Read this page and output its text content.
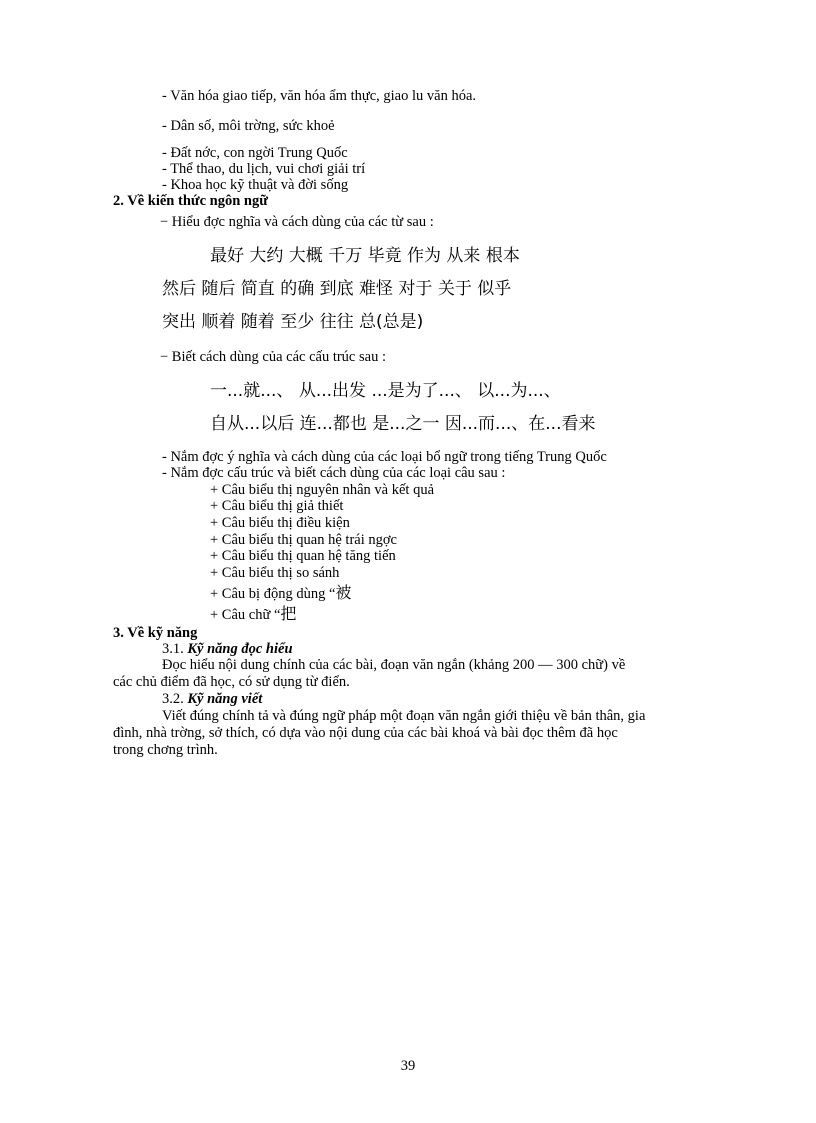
- Văn hóa giao tiếp, văn hóa ẩm thực, giao lu văn hóa.
- Dân số, môi trờng, sức khoẻ
- Đất nớc, con ngời Trung Quốc
- Thể thao, du lịch, vui chơi giải trí
- Khoa học kỹ thuật và đời sống
2. Về kiến thức ngôn ngữ
− Hiểu đợc nghĩa và cách dùng của các từ sau :
最好 大约 大概 千万 毕竟 作为 从来 根本
然后 随后 简直 的确 到底 难怪 对于 关于 似乎
突出 顺着 随着 至少 往往 总(总是)
− Biết cách dùng của các cấu trúc sau :
一...就...、 从...出发 ...是为了...、 以...为...、
自从...以后 连...都也 是...之一 因...而...、在...看来
- Nắm đợc ý nghĩa và cách dùng của các loại bổ ngữ trong tiếng Trung Quốc
- Nắm đợc cấu trúc và biết cách dùng của các loại câu sau :
+ Câu biểu thị nguyên nhân và kết quả
+ Câu biểu thị giả thiết
+ Câu biểu thị điều kiện
+ Câu biểu thị quan hệ trái ngợc
+ Câu biểu thị quan hệ tăng tiến
+ Câu biểu thị so sánh
+ Câu bị động dùng “被
+ Câu chữ “把
3. Về kỹ năng
3.1. Kỹ năng đọc hiểu
Đọc hiểu nội dung chính của các bài, đoạn văn ngắn (khảng 200 — 300 chữ) về
các chủ điểm đã học, có sử dụng từ điển.
3.2. Kỹ năng viết
Viết đúng chính tả và đúng ngữ pháp một đoạn văn ngắn giới thiệu về bản thân, gia
đình, nhà trờng, sở thích, có dựa vào nội dung của các bài khoá và bài đọc thêm đã học
trong chơng trình.
39
